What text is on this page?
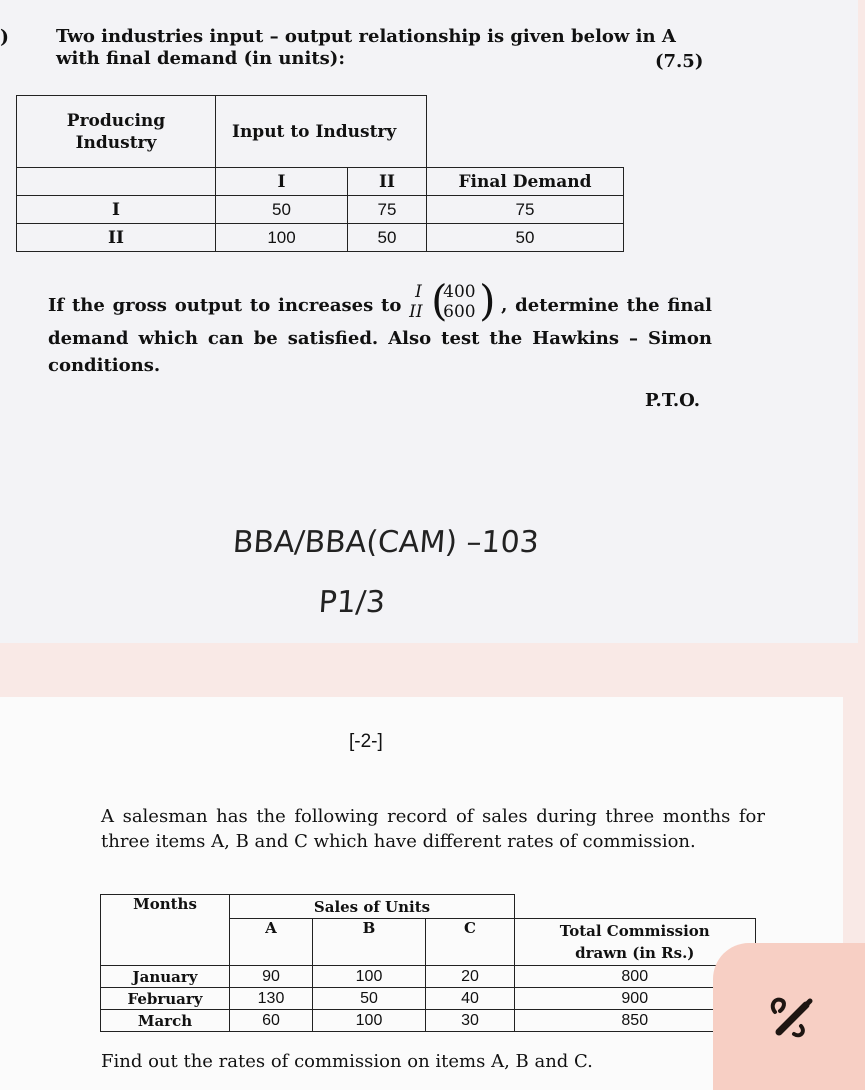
)	Two industries input – output relationship is given below in A with final demand (in units):	(7.5)
Producing Industry	Input to Industry		
	I	II	Final Demand
I	50	75	75
II	100	50	50
If the gross output to increases to
I
II (
400
600 ) , determine the final demand which can be satisfied. Also test the Hawkins – Simon conditions.
P.T.O.
BBA/BBA(CAM) –103
P1/3
[-2-]
A salesman has the following record of sales during three months for three items A, B and C which have different rates of commission.
Months	Sales of Units			
	A	B	C	Total Commission drawn (in Rs.)
January	90	100	20	800
February	130	50	40	900
March	60	100	30	850
Find out the rates of commission on items A, B and C.
